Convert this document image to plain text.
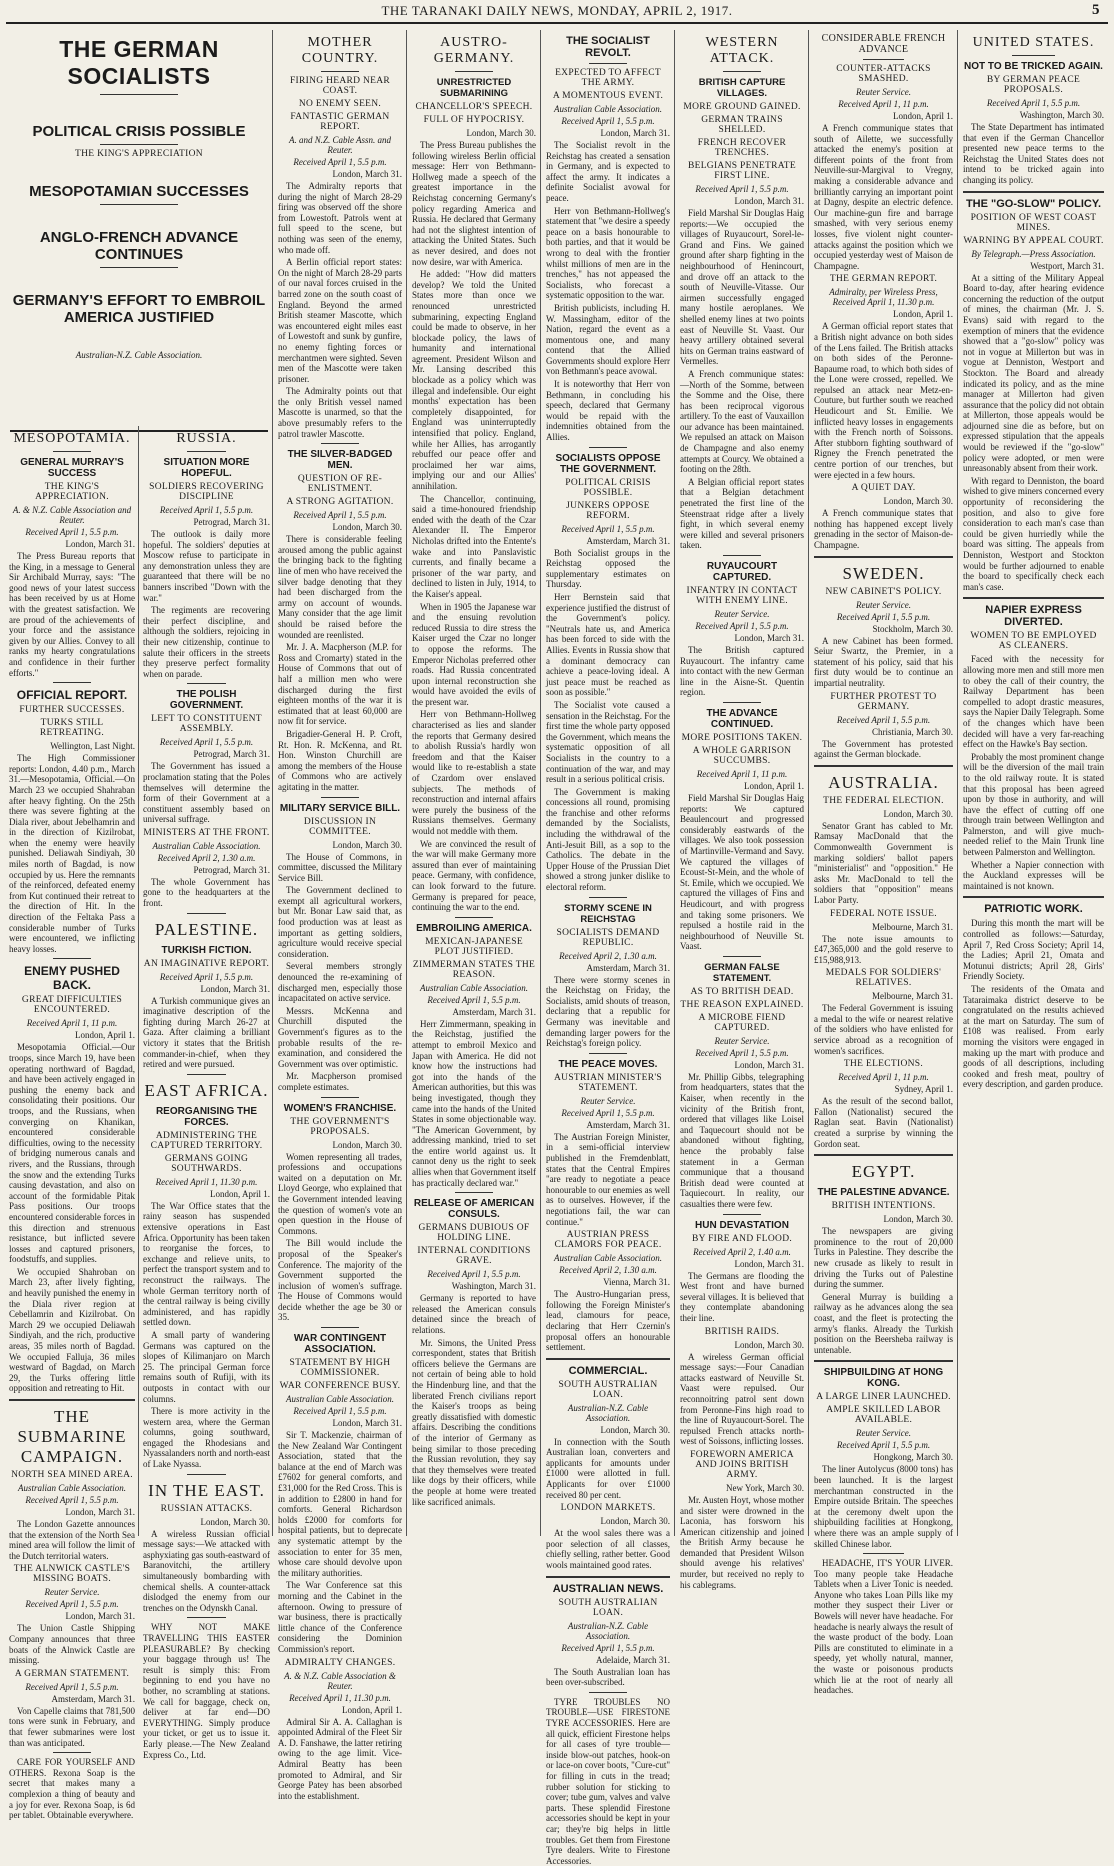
THE TARANAKI DAILY NEWS, MONDAY, APRIL 2, 1917.	5
THE GERMAN SOCIALISTS
POLITICAL CRISIS POSSIBLE
THE KING'S APPRECIATION
MESOPOTAMIAN SUCCESSES
ANGLO-FRENCH ADVANCE CONTINUES
GERMANY'S EFFORT TO EMBROIL AMERICA JUSTIFIED
Australian-N.Z. Cable Association.
MESOPOTAMIA.
GENERAL MURRAY'S SUCCESS
THE KING'S APPRECIATION.
A. & N.Z. Cable Association and Reuter.
Received April 1, 5.5 p.m.
London, March 31.

The Press Bureau reports that the King, in a message to General Sir Archibald Murray, says: "The good news of your latest success has been received by us at Home with the greatest satisfaction. We are proud of the achievements of your force and the assistance given by our Allies. Convey to all ranks my hearty congratulations and confidence in their further efforts."

OFFICIAL REPORT.
FURTHER SUCCESSES.
TURKS STILL RETREATING.
Wellington, Last Night.

The High Commissioner reports: London, 4.40 p.m., March 31.—Mesopotamia, Official.—On March 23 we occupied Shahraban after heavy fighting. On the 25th there was severe fighting at the Diala river, about Jebelhamrin and in the direction of Kizilrobat, when the enemy were heavily punished. Deliawah Sindiyah, 30 miles north of Bagdad, is now occupied by us. Here the remnants of the reinforced, defeated enemy from Kut continued their retreat to the direction of Hit. In the direction of the Feltaka Pass a considerable number of Turks were encountered, we inflicting heavy losses.

ENEMY PUSHED BACK.
GREAT DIFFICULTIES ENCOUNTERED.
Received April 1, 11 p.m.
London, April 1.

Mesopotamia Official.—Our troops, since March 19, have been operating northward of Bagdad, and have been actively engaged in pushing the enemy back and consolidating their positions. Our troops, and the Russians, when converging on Khanikan, encountered considerable difficulties, owing to the necessity of bridging numerous canals and rivers, and the Russians, through the snow and the extending Turks causing devastation, and also on account of the formidable Pitak Pass positions. Our troops encountered considerable forces in this direction and strenuous resistance, but inflicted severe losses and captured prisoners, foodstuffs, and supplies.

We occupied Shahroban on March 23, after lively fighting, and heavily punished the enemy in the Diala river region at Cebellamrin and Kizilrobat. On March 29 we occupied Deliawah Sindiyah, and the rich, productive areas, 35 miles north of Bagdad. We occupied Falluja, 36 miles westward of Bagdad, on March 29, the Turks offering little opposition and retreating to Hit.

THE SUBMARINE CAMPAIGN.
NORTH SEA MINED AREA.
Australian Cable Association.
Received April 1, 5.5 p.m.
London, March 31.

The London Gazette announces that the extension of the North Sea mined area will follow the limit of the Dutch territorial waters.

THE ALNWICK CASTLE'S MISSING BOATS.
Reuter Service.
Received April 1, 5.5 p.m.
London, March 31.

The Union Castle Shipping Company announces that three boats of the Alnwick Castle are missing.

A GERMAN STATEMENT.
Received April 1, 5.5 p.m.
Amsterdam, March 31.

Von Capelle claims that 781,500 tons were sunk in February, and that fewer submarines were lost than was anticipated.

CARE FOR YOURSELF AND OTHERS. Rexona Soap is the secret that makes many a complexion a thing of beauty and a joy for ever. Rexona Soap, is 6d per tablet. Obtainable everywhere.

RUSSIA.
SITUATION MORE HOPEFUL.
SOLDIERS RECOVERING DISCIPLINE
Received April 1, 5.5 p.m.
Petrograd, March 31.

The outlook is daily more hopeful. The soldiers' deputies at Moscow refuse to participate in any demonstration unless they are guaranteed that there will be no banners inscribed "Down with the war."

The regiments are recovering their perfect discipline, and although the soldiers, rejoicing in their new citizenship, continue to salute their officers in the streets they preserve perfect formality when on parade.

THE POLISH GOVERNMENT.
LEFT TO CONSTITUENT ASSEMBLY.
Received April 1, 5.5 p.m.
Petrograd, March 31.

The Government has issued a proclamation stating that the Poles themselves will determine the form of their Government at a constituent assembly based on universal suffrage.

MINISTERS AT THE FRONT.
Australian Cable Association.
Received April 2, 1.30 a.m.
Petrograd, March 31.

The whole Government has gone to the headquarters at the front.

PALESTINE.
TURKISH FICTION.
AN IMAGINATIVE REPORT.
Received April 1, 5.5 p.m.
London, March 31.

A Turkish communique gives an imaginative description of the fighting during March 26-27 at Gaza. After claiming a brilliant victory it states that the British commander-in-chief, when they retired and were pursued.

EAST AFRICA.
REORGANISING THE FORCES.
ADMINISTERING THE CAPTURED TERRITORY.
GERMANS GOING SOUTHWARDS.
Received April 1, 11.30 p.m.
London, April 1.

The War Office states that the rainy season has suspended extensive operations in East Africa. Opportunity has been taken to reorganise the forces, to exchange and relieve units, to perfect the transport system and to reconstruct the railways. The whole German territory north of the central railway is being civilly administered, and has rapidly settled down.

A small party of wandering Germans was captured on the slopes of Kilimanjaro on March 25. The principal German force remains south of Rufiji, with its outposts in contact with our columns.

There is more activity in the western area, where the German columns, going southward, engaged the Rhodesians and Nyassalanders north and north-east of Lake Nyassa.

IN THE EAST.
RUSSIAN ATTACKS.
London, March 30.

A wireless Russian official message says:—We attacked with asphyxiating gas south-eastward of Baranovitchi, the artillery simultaneously bombarding with chemical shells. A counter-attack dislodged the enemy from our trenches on the Odynskh Canal.

WHY NOT MAKE TRAVELLING THIS EASTER PLEASURABLE? By checking your baggage through us! The result is simply this: From beginning to end you have no bother, no scrambling at stations. We call for baggage, check on, deliver at far end—DO EVERYTHING. Simply produce your ticket, or get us to issue it. Early please.—The New Zealand Express Co., Ltd.

MOTHER COUNTRY.
FIRING HEARD NEAR COAST.
NO ENEMY SEEN.
FANTASTIC GERMAN REPORT.
A. and N.Z. Cable Assn. and Reuter.
Received April 1, 5.5 p.m.
London, March 31.

The Admiralty reports that during the night of March 28-29 firing was observed off the shore from Lowestoft. Patrols went at full speed to the scene, but nothing was seen of the enemy, who made off.

A Berlin official report states: On the night of March 28-29 parts of our naval forces cruised in the barred zone on the south coast of England. Beyond the armed British steamer Mascotte, which was encountered eight miles east of Lowestoft and sunk by gunfire, no enemy fighting forces or merchantmen were sighted. Seven men of the Mascotte were taken prisoner.

The Admiralty points out that the only British vessel named Mascotte is unarmed, so that the above presumably refers to the patrol trawler Mascotte.

THE SILVER-BADGED MEN.
QUESTION OF RE-ENLISTMENT.
A STRONG AGITATION.
Received April 1, 5.5 p.m.
London, March 30.

There is considerable feeling aroused among the public against the bringing back to the fighting line of men who have received the silver badge denoting that they had been discharged from the army on account of wounds. Many consider that the age limit should be raised before the wounded are reenlisted.

Mr. J. A. Macpherson (M.P. for Ross and Cromarty) stated in the House of Commons that out of half a million men who were discharged during the first eighteen months of the war it is estimated that at least 60,000 are now fit for service.

Brigadier-General H. P. Croft, Rt. Hon. R. McKenna, and Rt. Hon. Winston Churchill are among the members of the House of Commons who are actively agitating in the matter.

MILITARY SERVICE BILL.
DISCUSSION IN COMMITTEE.
London, March 30.

The House of Commons, in committee, discussed the Military Service Bill.

The Government declined to exempt all agricultural workers, but Mr. Bonar Law said that, as food production was at least as important as getting soldiers, agriculture would receive special consideration.

Several members strongly denounced the re-examining of discharged men, especially those incapacitated on active service.

Messrs. McKenna and Churchill disputed the Government's figures as to the probable results of the re-examination, and considered the Government was over optimistic.

Mr. Macpherson promised complete estimates.

WOMEN'S FRANCHISE.
THE GOVERNMENT'S PROPOSALS.
London, March 30.

Women representing all trades, professions and occupations waited on a deputation on Mr. Lloyd George, who explained that the Government intended leaving the question of women's vote an open question in the House of Commons.

The Bill would include the proposal of the Speaker's Conference. The majority of the Government supported the inclusion of women's suffrage. The House of Commons would decide whether the age be 30 or 35.

WAR CONTINGENT ASSOCIATION.
STATEMENT BY HIGH COMMISSIONER.
WAR CONFERENCE BUSY.
Australian Cable Association.
Received April 1, 5.5 p.m.
London, March 31.

Sir T. Mackenzie, chairman of the New Zealand War Contingent Association, stated that the balance at the end of March was £7602 for general comforts, and £31,000 for the Red Cross. This is in addition to £2800 in hand for comforts. General Richardson holds £2000 for comforts for hospital patients, but to deprecate any systematic attempt by the association to enter for 35 men, whose care should devolve upon the military authorities.

The War Conference sat this morning and the Cabinet in the afternoon. Owing to pressure of war business, there is practically little chance of the Conference considering the Dominion Commission's report.

ADMIRALTY CHANGES.
A. & N.Z. Cable Association & Reuter.
Received April 1, 11.30 p.m.
London, April 1.

Admiral Sir A. A. Callaghan is appointed Admiral of the Fleet Sir A. D. Fanshawe, the latter retiring owing to the age limit. Vice-Admiral Beatty has been promoted to Admiral, and Sir George Patey has been absorbed into the establishment.

AUSTRO-GERMANY.
UNRESTRICTED SUBMARINING
CHANCELLOR'S SPEECH.
FULL OF HYPOCRISY.
London, March 30.

The Press Bureau publishes the following wireless Berlin official message: Herr von Bethmann-Hollweg made a speech of the greatest importance in the Reichstag concerning Germany's policy regarding America and Russia. He declared that Germany had not the slightest intention of attacking the United States. Such as never desired, and does not now desire, war with America.

He added: "How did matters develop? We told the United States more than once we renounced unrestricted submarining, expecting England could be made to observe, in her blockade policy, the laws of humanity and international agreement. President Wilson and Mr. Lansing described this blockade as a policy which was illegal and indefensible. Our eight months' expectation has been completely disappointed, for England was uninterruptedly intensified that policy. England, while her Allies, has arrogantly rebuffed our peace offer and proclaimed her war aims, implying our and our Allies' annihilation.

The Chancellor, continuing, said a time-honoured friendship ended with the death of the Czar Alexander II. The Emperor Nicholas drifted into the Entente's wake and into Panslavistic currents, and finally became a prisoner of the war party, and declined to listen in July, 1914, to the Kaiser's appeal.

When in 1905 the Japanese war and the ensuing revolution reduced Russia to dire stress the Kaiser urged the Czar no longer to oppose the reforms. The Emperor Nicholas preferred other roads. Had Russia concentrated upon internal reconstruction she would have avoided the evils of the present war.

Herr von Bethmann-Hollweg characterised as lies and slander the reports that Germany desired to abolish Russia's hardly won freedom and that the Kaiser would like to re-establish a state of Czardom over enslaved subjects. The methods of reconstruction and internal affairs were purely the business of the Russians themselves. Germany would not meddle with them.

We are convinced the result of the war will make Germany more assured than ever of maintaining peace. Germany, with confidence, can look forward to the future. Germany is prepared for peace, continuing the war to the end.

EMBROILING AMERICA.
MEXICAN-JAPANESE PLOT JUSTIFIED.
ZIMMERMAN STATES THE REASON.
Australian Cable Association.
Received April 1, 5.5 p.m.
Amsterdam, March 31.

Herr Zimmermann, speaking in the Reichstag, justified the attempt to embroil Mexico and Japan with America. He did not know how the instructions had got into the hands of the American authorities, but this was being investigated, though they came into the hands of the United States in some objectionable way. "The American Government, by addressing mankind, tried to set the entire world against us. It cannot deny us the right to seek allies when that Government itself has practically declared war."

RELEASE OF AMERICAN CONSULS.
GERMANS DUBIOUS OF HOLDING LINE.
INTERNAL CONDITIONS GRAVE.
Received April 1, 5.5 p.m.
Washington, March 31.

Germany is reported to have released the American consuls detained since the breach of relations.

Mr. Simons, the United Press correspondent, states that British officers believe the Germans are not certain of being able to hold the Hindenburg line, and that the liberated French civilians report the Kaiser's troops as being greatly dissatisfied with domestic affairs. Describing the conditions of the interior of Germany as being similar to those preceding the Russian revolution, they say that they themselves were treated like dogs by their officers, while the people at home were treated like sacrificed animals.

THE SOCIALIST REVOLT.
EXPECTED TO AFFECT THE ARMY.
A MOMENTOUS EVENT.
Australian Cable Association.
Received April 1, 5.5 p.m.
London, March 31.

The Socialist revolt in the Reichstag has created a sensation in Germany, and is expected to affect the army. It indicates a definite Socialist avowal for peace.

Herr von Bethmann-Hollweg's statement that "we desire a speedy peace on a basis honourable to both parties, and that it would be wrong to deal with the frontier whilst millions of men are in the trenches," has not appeased the Socialists, who forecast a systematic opposition to the war.

British publicists, including H. W. Massingham, editor of the Nation, regard the event as a momentous one, and many contend that the Allied Governments should explore Herr von Bethmann's peace avowal.

It is noteworthy that Herr von Bethmann, in concluding his speech, declared that Germany would be repaid with the indemnities obtained from the Allies.

SOCIALISTS OPPOSE THE GOVERNMENT.
POLITICAL CRISIS POSSIBLE.
JUNKERS OPPOSE REFORM.
Received April 1, 5.5 p.m.
Amsterdam, March 31.

Both Socialist groups in the Reichstag opposed the supplementary estimates on Thursday.

Herr Bernstein said that experience justified the distrust of the Government's policy. "Neutrals hate us, and America has been forced to side with the Allies. Events in Russia show that a dominant democracy can achieve a peace-loving ideal. A just peace must be reached as soon as possible."

The Socialist vote caused a sensation in the Reichstag. For the first time the whole party opposed the Government, which means the systematic opposition of all Socialists in the country to a continuation of the war, and may result in a serious political crisis.

The Government is making concessions all round, promising the franchise and other reforms demanded by the Socialists, including the withdrawal of the Anti-Jesuit Bill, as a sop to the Catholics. The debate in the Upper House of the Prussian Diet showed a strong junker dislike to electoral reform.

STORMY SCENE IN REICHSTAG
SOCIALISTS DEMAND REPUBLIC.
Received April 2, 1.30 a.m.
Amsterdam, March 31.

There were stormy scenes in the Reichstag on Friday, the Socialists, amid shouts of treason, declaring that a republic for Germany was inevitable and demanding larger powers for the Reichstag's foreign policy.

THE PEACE MOVES.
AUSTRIAN MINISTER'S STATEMENT.
Reuter Service.
Received April 1, 5.5 p.m.
Amsterdam, March 31.

The Austrian Foreign Minister, in a semi-official interview published in the Fremdenblatt, states that the Central Empires "are ready to negotiate a peace honourable to our enemies as well as to ourselves. However, if the negotiations fail, the war can continue."

AUSTRIAN PRESS CLAMORS FOR PEACE.
Australian Cable Association.
Received April 2, 1.30 a.m.
Vienna, March 31.

The Austro-Hungarian press, following the Foreign Minister's lead, clamours for peace, declaring that Herr Czernin's proposal offers an honourable settlement.

COMMERCIAL.
SOUTH AUSTRALIAN LOAN.
Australian-N.Z. Cable Association.
London, March 30.

In connection with the South Australian loan, converters and applicants for amounts under £1000 were allotted in full. Applicants for over £1000 received 80 per cent.

LONDON MARKETS.
London, March 30.

At the wool sales there was a poor selection of all classes, chiefly selling, rather better. Good wools maintained good rates.

AUSTRALIAN NEWS.
SOUTH AUSTRALIAN LOAN.
Australian-N.Z. Cable Association.
Received April 1, 5.5 p.m.
Adelaide, March 31.

The South Australian loan has been over-subscribed.

TYRE TROUBLES NO TROUBLE—USE FIRESTONE TYRE ACCESSORIES. Here are all quick, efficient Firestone helps for all cases of tyre trouble—inside blow-out patches, hook-on or lace-on cover boots, "Cure-cut" for filling in cuts in the tread; rubber solution for sticking to cover; tube gum, valves and valve parts. These splendid Firestone accessories should be kept in your car; they're big helps in little troubles. Get them from Firestone Tyre dealers. Write to Firestone Accessories.

WESTERN ATTACK.
BRITISH CAPTURE VILLAGES.
MORE GROUND GAINED.
GERMAN TRAINS SHELLED.
FRENCH RECOVER TRENCHES.
BELGIANS PENETRATE FIRST LINE.
Received April 1, 5.5 p.m.
London, March 31.

Field Marshal Sir Douglas Haig reports:—We occupied the villages of Ruyaucourt, Sorel-le-Grand and Fins. We gained ground after sharp fighting in the neighbourhood of Henincourt, and drove off an attack to the south of Neuville-Vitasse. Our airmen successfully engaged many hostile aeroplanes. We shelled enemy lines at two points east of Neuville St. Vaast. Our heavy artillery obtained several hits on German trains eastward of Vermelles.

A French communique states:—North of the Somme, between the Somme and the Oise, there has been reciprocal vigorous artillery. To the east of Vauxaillon our advance has been maintained. We repulsed an attack on Maison de Champagne and also enemy attempts at Courcy. We obtained a footing on the 28th.

A Belgian official report states that a Belgian detachment penetrated the first line of the Steenstraat ridge after a lively fight, in which several enemy were killed and several prisoners taken.

RUYAUCOURT CAPTURED.
INFANTRY IN CONTACT WITH ENEMY LINE.
Reuter Service.
Received April 1, 5.5 p.m.
London, March 31.

The British captured Ruyaucourt. The infantry came into contact with the new German line in the Aisne-St. Quentin region.

THE ADVANCE CONTINUED.
MORE POSITIONS TAKEN.
A WHOLE GARRISON SUCCUMBS.
Received April 1, 11 p.m.
London, April 1.

Field Marshal Sir Douglas Haig reports: We captured Beaulencourt and progressed considerably eastwards of the villages. We also took possession of Martinville-Vermand and Savy. We captured the villages of Ecoust-St-Mein, and the whole of St. Emile, which we occupied. We captured the villages of Fins and Heudicourt, and with progress and taking some prisoners. We repulsed a hostile raid in the neighbourhood of Neuville St. Vaast.

GERMAN FALSE STATEMENT.
AS TO BRITISH DEAD.
THE REASON EXPLAINED.
A MICROBE FIEND CAPTURED.
Reuter Service.
Received April 1, 5.5 p.m.
London, March 31.

Mr. Phillip Gibbs, telegraphing from headquarters, states that the Kaiser, when recently in the vicinity of the British front, ordered that villages like Loisel and Taquecourt should not be abandoned without fighting, hence the probably false statement in a German communique that a thousand British dead were counted at Taquiecourt. In reality, our casualties there were few.

HUN DEVASTATION
BY FIRE AND FLOOD.
Received April 2, 1.40 a.m.
London, March 31.

The Germans are flooding the West front and have burned several villages. It is believed that they contemplate abandoning their line.

BRITISH RAIDS.
London, March 30.

A wireless German official message says:—Four Canadian attacks eastward of Neuville St. Vaast were repulsed. Our reconnoitring patrol sent down from Peronne-Fins high road to the line of Ruyaucourt-Sorel. The repulsed French attacks north-west of Soissons, inflicting losses.

FOREWORN AMERICA AND JOINS BRITISH ARMY.
New York, March 30.

Mr. Austen Hoyt, whose mother and sister were drowned in the Laconia, has forsworn his American citizenship and joined the British Army because he demanded that President Wilson should avenge his relatives' murder, but received no reply to his cablegrams.

CONSIDERABLE FRENCH ADVANCE
COUNTER-ATTACKS SMASHED.
Reuter Service.
Received April 1, 11 p.m.
London, April 1.

A French communique states that south of Ailette, we successfully attacked the enemy's position at different points of the front from Neuville-sur-Margival to Vregny, making a considerable advance and brilliantly carrying an important point at Dagny, despite an electric defence. Our machine-gun fire and barrage smashed, with very serious enemy losses, five violent night counter-attacks against the position which we occupied yesterday west of Maison de Champagne.

THE GERMAN REPORT.
Admiralty, per Wireless Press, Received April 1, 11.30 p.m.
London, April 1.

A German official report states that a British night advance on both sides of the Lens failed. The British attacks on both sides of the Peronne-Bapaume road, to which both sides of the Lone were crossed, repelled. We repulsed an attack near Metz-en-Couture, but further south we reached Heudicourt and St. Emilie. We inflicted heavy losses in engagements with the French north of Soissons. After stubborn fighting southward of Rigney the French penetrated the centre portion of our trenches, but were ejected in a few hours.

A QUIET DAY.
London, March 30.

A French communique states that nothing has happened except lively grenading in the sector of Maison-de-Champagne.

SWEDEN.
NEW CABINET'S POLICY.
Reuter Service.
Received April 1, 5.5 p.m.
Stockholm, March 30.

A new Cabinet has been formed. Seiur Swartz, the Premier, in a statement of his policy, said that his first duty would be to continue an impartial neutrality.

FURTHER PROTEST TO GERMANY.
Received April 1, 5.5 p.m.
Christiania, March 30.

The Government has protested against the German blockade.

AUSTRALIA.
THE FEDERAL ELECTION.
London, March 30.

Senator Grant has cabled to Mr. Ramsay MacDonald that the Commonwealth Government is marking soldiers' ballot papers "ministerialist" and "opposition." He asks Mr. MacDonald to tell the soldiers that "opposition" means Labor Party.

FEDERAL NOTE ISSUE.
Melbourne, March 31.

The note issue amounts to £47,365,000 and the gold reserve to £15,988,913.

MEDALS FOR SOLDIERS' RELATIVES.
Melbourne, March 31.

The Federal Government is issuing a medal to the wife or nearest relative of the soldiers who have enlisted for service abroad as a recognition of women's sacrifices.

THE ELECTIONS.
Received April 1, 11 p.m.
Sydney, April 1.

As the result of the second ballot, Fallon (Nationalist) secured the Raglan seat. Bavin (Nationalist) created a surprise by winning the Gordon seat.

EGYPT.
THE PALESTINE ADVANCE.
BRITISH INTENTIONS.
London, March 30.

The newspapers are giving prominence to the rout of 20,000 Turks in Palestine. They describe the new crusade as likely to result in driving the Turks out of Palestine during the summer.

General Murray is building a railway as he advances along the sea coast, and the fleet is protecting the army's flanks. Already the Turkish position on the Beersheba railway is untenable.

SHIPBUILDING AT HONG KONG.
A LARGE LINER LAUNCHED.
AMPLE SKILLED LABOR AVAILABLE.
Reuter Service.
Received April 1, 5.5 p.m.
Hongkong, March 30.

The liner Autolycus (8000 tons) has been launched. It is the largest merchantman constructed in the Empire outside Britain. The speeches at the ceremony dwelt upon the shipbuilding facilities at Hongkong, where there was an ample supply of skilled Chinese labor.

HEADACHE, IT'S YOUR LIVER. Too many people take Headache Tablets when a Liver Tonic is needed. Anyone who takes Loan Pills like my mother they suspect their Liver or Bowels will never have headache. For headache is nearly always the result of the waste product of the body. Loan Pills are constituted to eliminate in a speedy, yet wholly natural, manner, the waste or poisonous products which lie at the root of nearly all headaches.

UNITED STATES.
NOT TO BE TRICKED AGAIN.
BY GERMAN PEACE PROPOSALS.
Received April 1, 5.5 p.m.
Washington, March 30.

The State Department has intimated that even if the German Chancellor presented new peace terms to the Reichstag the United States does not intend to be tricked again into changing its policy.

THE "GO-SLOW" POLICY.
POSITION OF WEST COAST MINES.
WARNING BY APPEAL COURT.
By Telegraph.—Press Association.
Westport, March 31.

At a sitting of the Military Appeal Board to-day, after hearing evidence concerning the reduction of the output of mines, the chairman (Mr. J. S. Evans) said with regard to the exemption of miners that the evidence showed that a "go-slow" policy was not in vogue at Millerton but was in vogue at Denniston, Westport and Stockton. The Board and already indicated its policy, and as the mine manager at Millerton had given assurance that the policy did not obtain at Millerton, those appeals would be adjourned sine die as before, but on expressed stipulation that the appeals would be reviewed if the "go-slow" policy were adopted, or men were unreasonably absent from their work.

With regard to Denniston, the board wished to give miners concerned every opportunity of reconsidering the position, and also to give fore consideration to each man's case than could be given hurriedly while the board was sitting. The appeals from Denniston, Westport and Stockton would be further adjourned to enable the board to specifically check each man's case.

NAPIER EXPRESS DIVERTED.
WOMEN TO BE EMPLOYED AS CLEANERS.

Faced with the necessity for allowing more men and still more men to obey the call of their country, the Railway Department has been compelled to adopt drastic measures, says the Napier Daily Telegraph. Some of the changes which have been decided will have a very far-reaching effect on the Hawke's Bay section.

Probably the most prominent change will be the diversion of the mail train to the old railway route. It is stated that this proposal has been agreed upon by those in authority, and will have the effect of cutting off one through train between Wellington and Palmerston, and will give much-needed relief to the Main Trunk line between Palmerston and Wellington.

Whether a Napier connection with the Auckland expresses will be maintained is not known.

PATRIOTIC WORK.

During this month the mart will be controlled as follows:—Saturday, April 7, Red Cross Society; April 14, the Ladies; April 21, Omata and Motunui districts; April 28, Girls' Friendly Society.

The residents of the Omata and Tataraimaka district deserve to be congratulated on the results achieved at the mart on Saturday. The sum of £108 was realised. From early morning the visitors were engaged in making up the mart with produce and goods of all descriptions, including cooked and fresh meat, poultry of every description, and garden produce.
